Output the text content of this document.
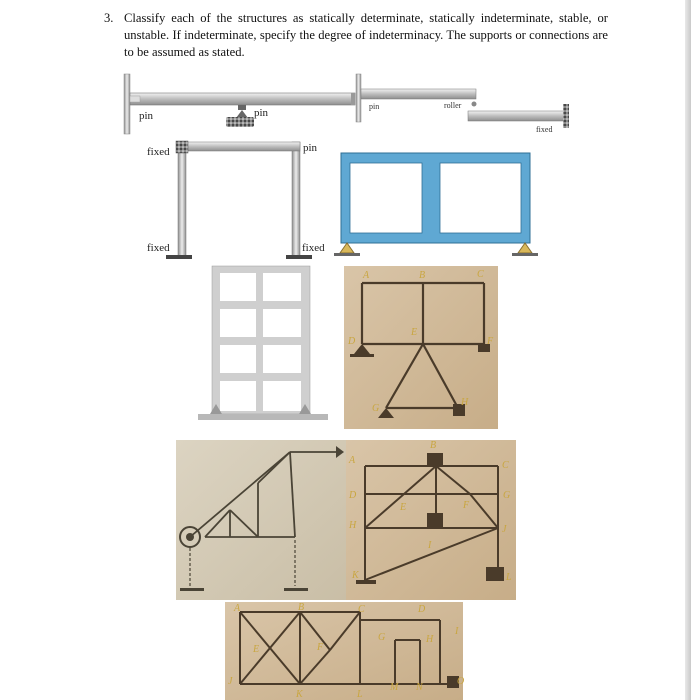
3. Classify each of the structures as statically determinate, statically indeterminate, stable, or unstable. If indeterminate, specify the degree of indeterminacy. The supports or connections are to be assumed as stated.
pin	pin
pin	roller
fixed
fixed	pin
fixed	fixed
A	B	C
D
E
F
G
H
A
B
C
D
E	F
G
H
I
J
K	L
A	B	C	D
E	F
G	H
I
J
K	L
M N
O
